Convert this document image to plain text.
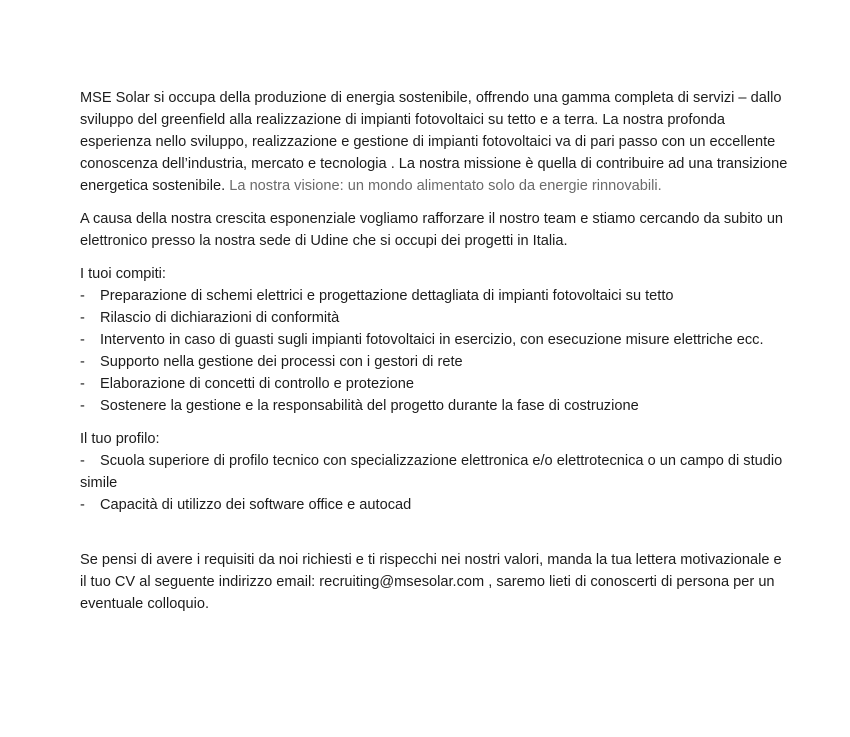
MSE Solar si occupa della produzione di energia sostenibile, offrendo una gamma completa di servizi – dallo sviluppo del greenfield alla realizzazione di impianti fotovoltaici su tetto e a terra. La nostra profonda esperienza nello sviluppo, realizzazione e gestione di impianti fotovoltaici va di pari passo con un eccellente conoscenza dell’industria, mercato e tecnologia . La nostra missione è quella di contribuire ad una transizione energetica sostenibile. La nostra visione: un mondo alimentato solo da energie rinnovabili.

A causa della nostra crescita esponenziale vogliamo rafforzare il nostro team e stiamo cercando da subito un elettronico presso la nostra sede di Udine che si occupi dei progetti in Italia.

I tuoi compiti:

- Preparazione di schemi elettrici e progettazione dettagliata di impianti fotovoltaici su tetto
- Rilascio di dichiarazioni di conformità
- Intervento in caso di guasti sugli impianti fotovoltaici in esercizio, con esecuzione misure elettriche ecc.
- Supporto nella gestione dei processi con i gestori di rete
- Elaborazione di concetti di controllo e protezione
- Sostenere la gestione e la responsabilità del progetto durante la fase di costruzione

Il tuo profilo:

- Scuola superiore di profilo tecnico con specializzazione elettronica e/o elettrotecnica o un campo di studio simile
- Capacità di utilizzo dei software office e autocad

Se pensi di avere i requisiti da noi richiesti e ti rispecchi nei nostri valori, manda la tua lettera motivazionale e il tuo CV al seguente indirizzo email: recruiting@msesolar.com , saremo lieti di conoscerti di persona per un eventuale colloquio.
